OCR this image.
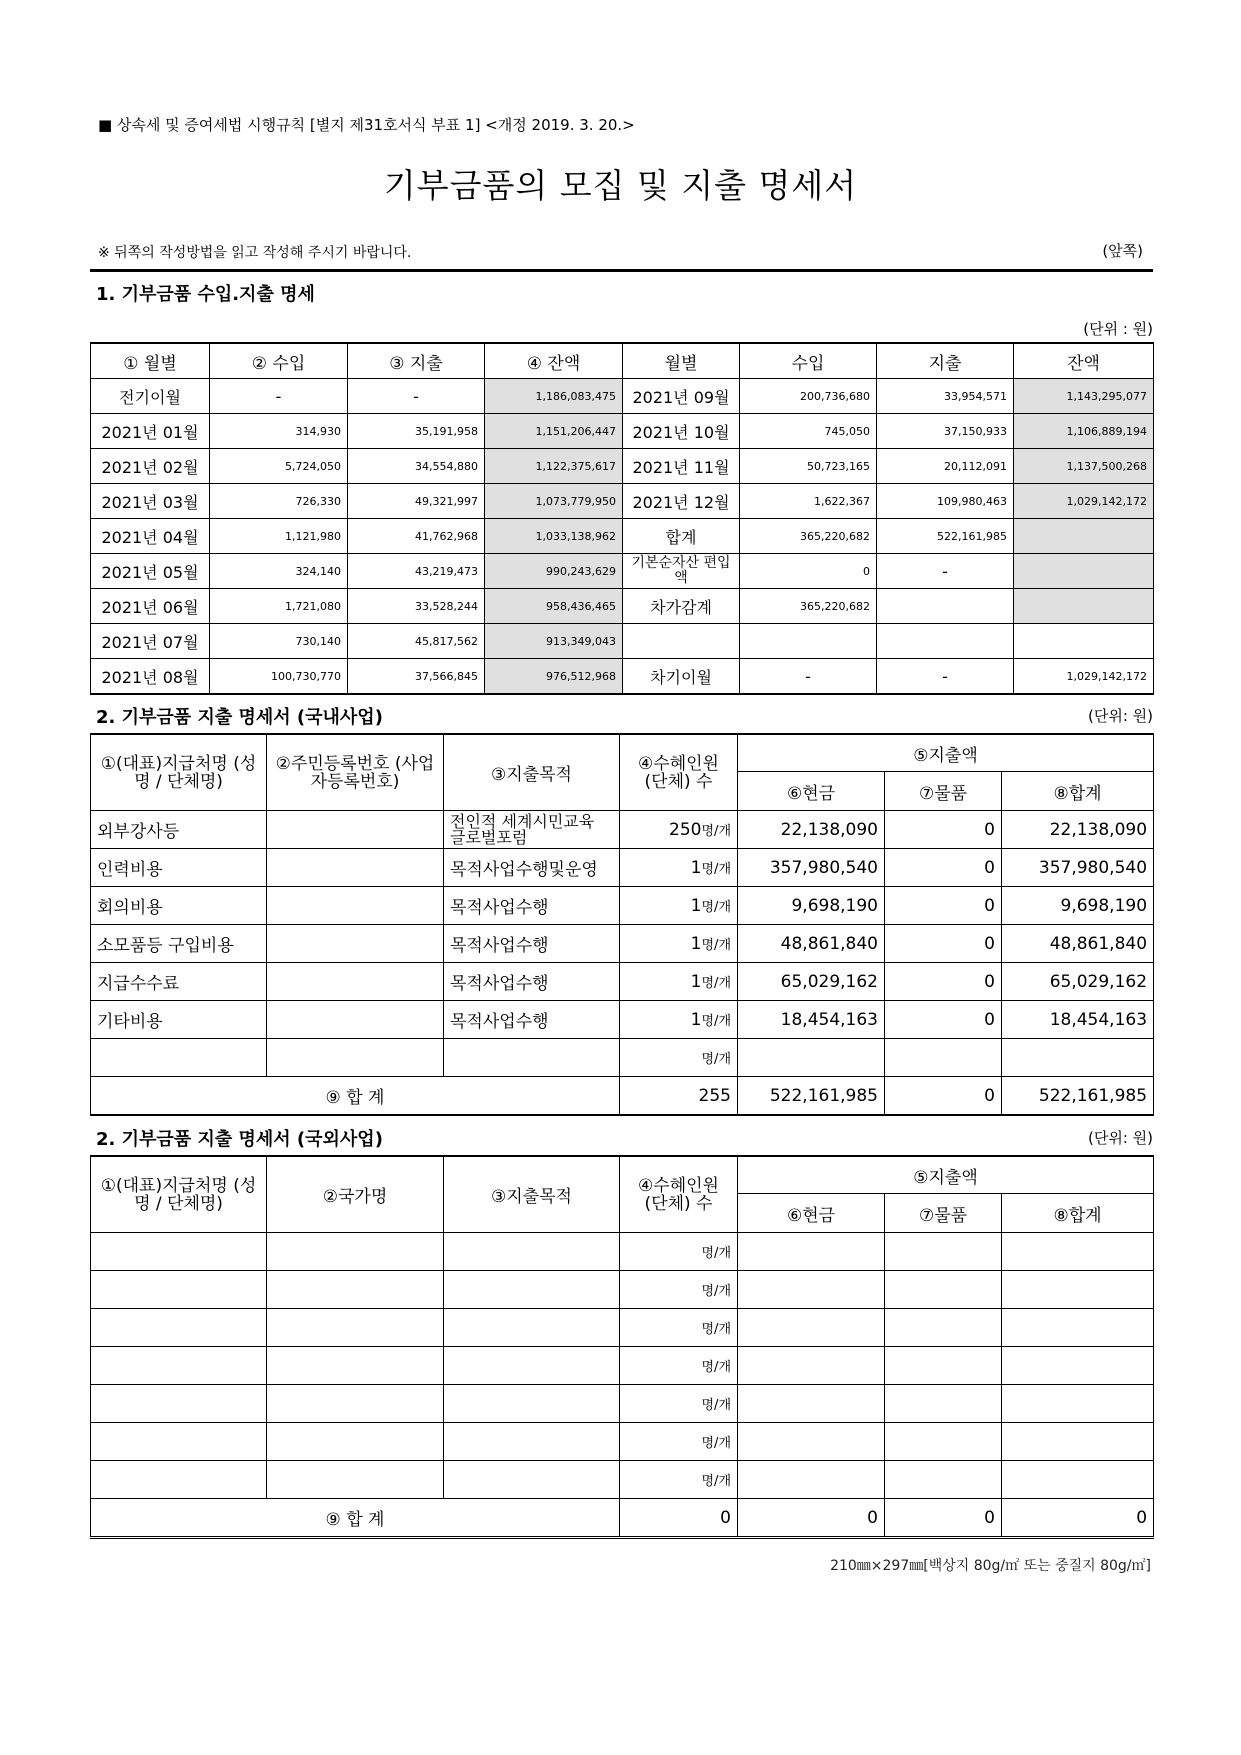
■ 상속세 및 증여세법 시행규칙 [별지 제31호서식 부표 1] <개정 2019. 3. 20.>
기부금품의 모집 및 지출 명세서
※ 뒤쪽의 작성방법을 읽고 작성해 주시기 바랍니다.	(앞쪽)
1. 기부금품 수입.지출 명세
(단위 : 원)
① 월별	② 수입	③ 지출	④ 잔액	월별	수입	지출	잔액
전기이월	-	-	1,186,083,475	2021년 09월	200,736,680	33,954,571	1,143,295,077
2021년 01월	314,930	35,191,958	1,151,206,447	2021년 10월	745,050	37,150,933	1,106,889,194
2021년 02월	5,724,050	34,554,880	1,122,375,617	2021년 11월	50,723,165	20,112,091	1,137,500,268
2021년 03월	726,330	49,321,997	1,073,779,950	2021년 12월	1,622,367	109,980,463	1,029,142,172
2021년 04월	1,121,980	41,762,968	1,033,138,962	합계	365,220,682	522,161,985	
2021년 05월	324,140	43,219,473	990,243,629	기본순자산 편입액	0	-	
2021년 06월	1,721,080	33,528,244	958,436,465	차가감계	365,220,682		
2021년 07월	730,140	45,817,562	913,349,043				
2021년 08월	100,730,770	37,566,845	976,512,968	차기이월	-	-	1,029,142,172
2. 기부금품 지출 명세서 (국내사업)	(단위: 원)
①(대표)지급처명 (성명 / 단체명)	②주민등록번호 (사업자등록번호)	③지출목적	④수혜인원 (단체) 수	⑤지출액		
				⑥현금	⑦물품	⑧합계
외부강사등		전인적 세계시민교육 글로벌포럼	250명/개	22,138,090	0	22,138,090
인력비용		목적사업수행및운영	1명/개	357,980,540	0	357,980,540
회의비용		목적사업수행	1명/개	9,698,190	0	9,698,190
소모품등 구입비용		목적사업수행	1명/개	48,861,840	0	48,861,840
지급수수료		목적사업수행	1명/개	65,029,162	0	65,029,162
기타비용		목적사업수행	1명/개	18,454,163	0	18,454,163
			명/개			
⑨ 합 계			255	522,161,985	0	522,161,985
2. 기부금품 지출 명세서 (국외사업)	(단위: 원)
①(대표)지급처명 (성명 / 단체명)	②국가명	③지출목적	④수혜인원 (단체) 수	⑤지출액		
				⑥현금	⑦물품	⑧합계
			명/개			
			명/개			
			명/개			
			명/개			
			명/개			
			명/개			
			명/개			
⑨ 합 계			0	0	0	0
210㎜×297㎜[백상지 80g/㎡ 또는 중질지 80g/㎡]
